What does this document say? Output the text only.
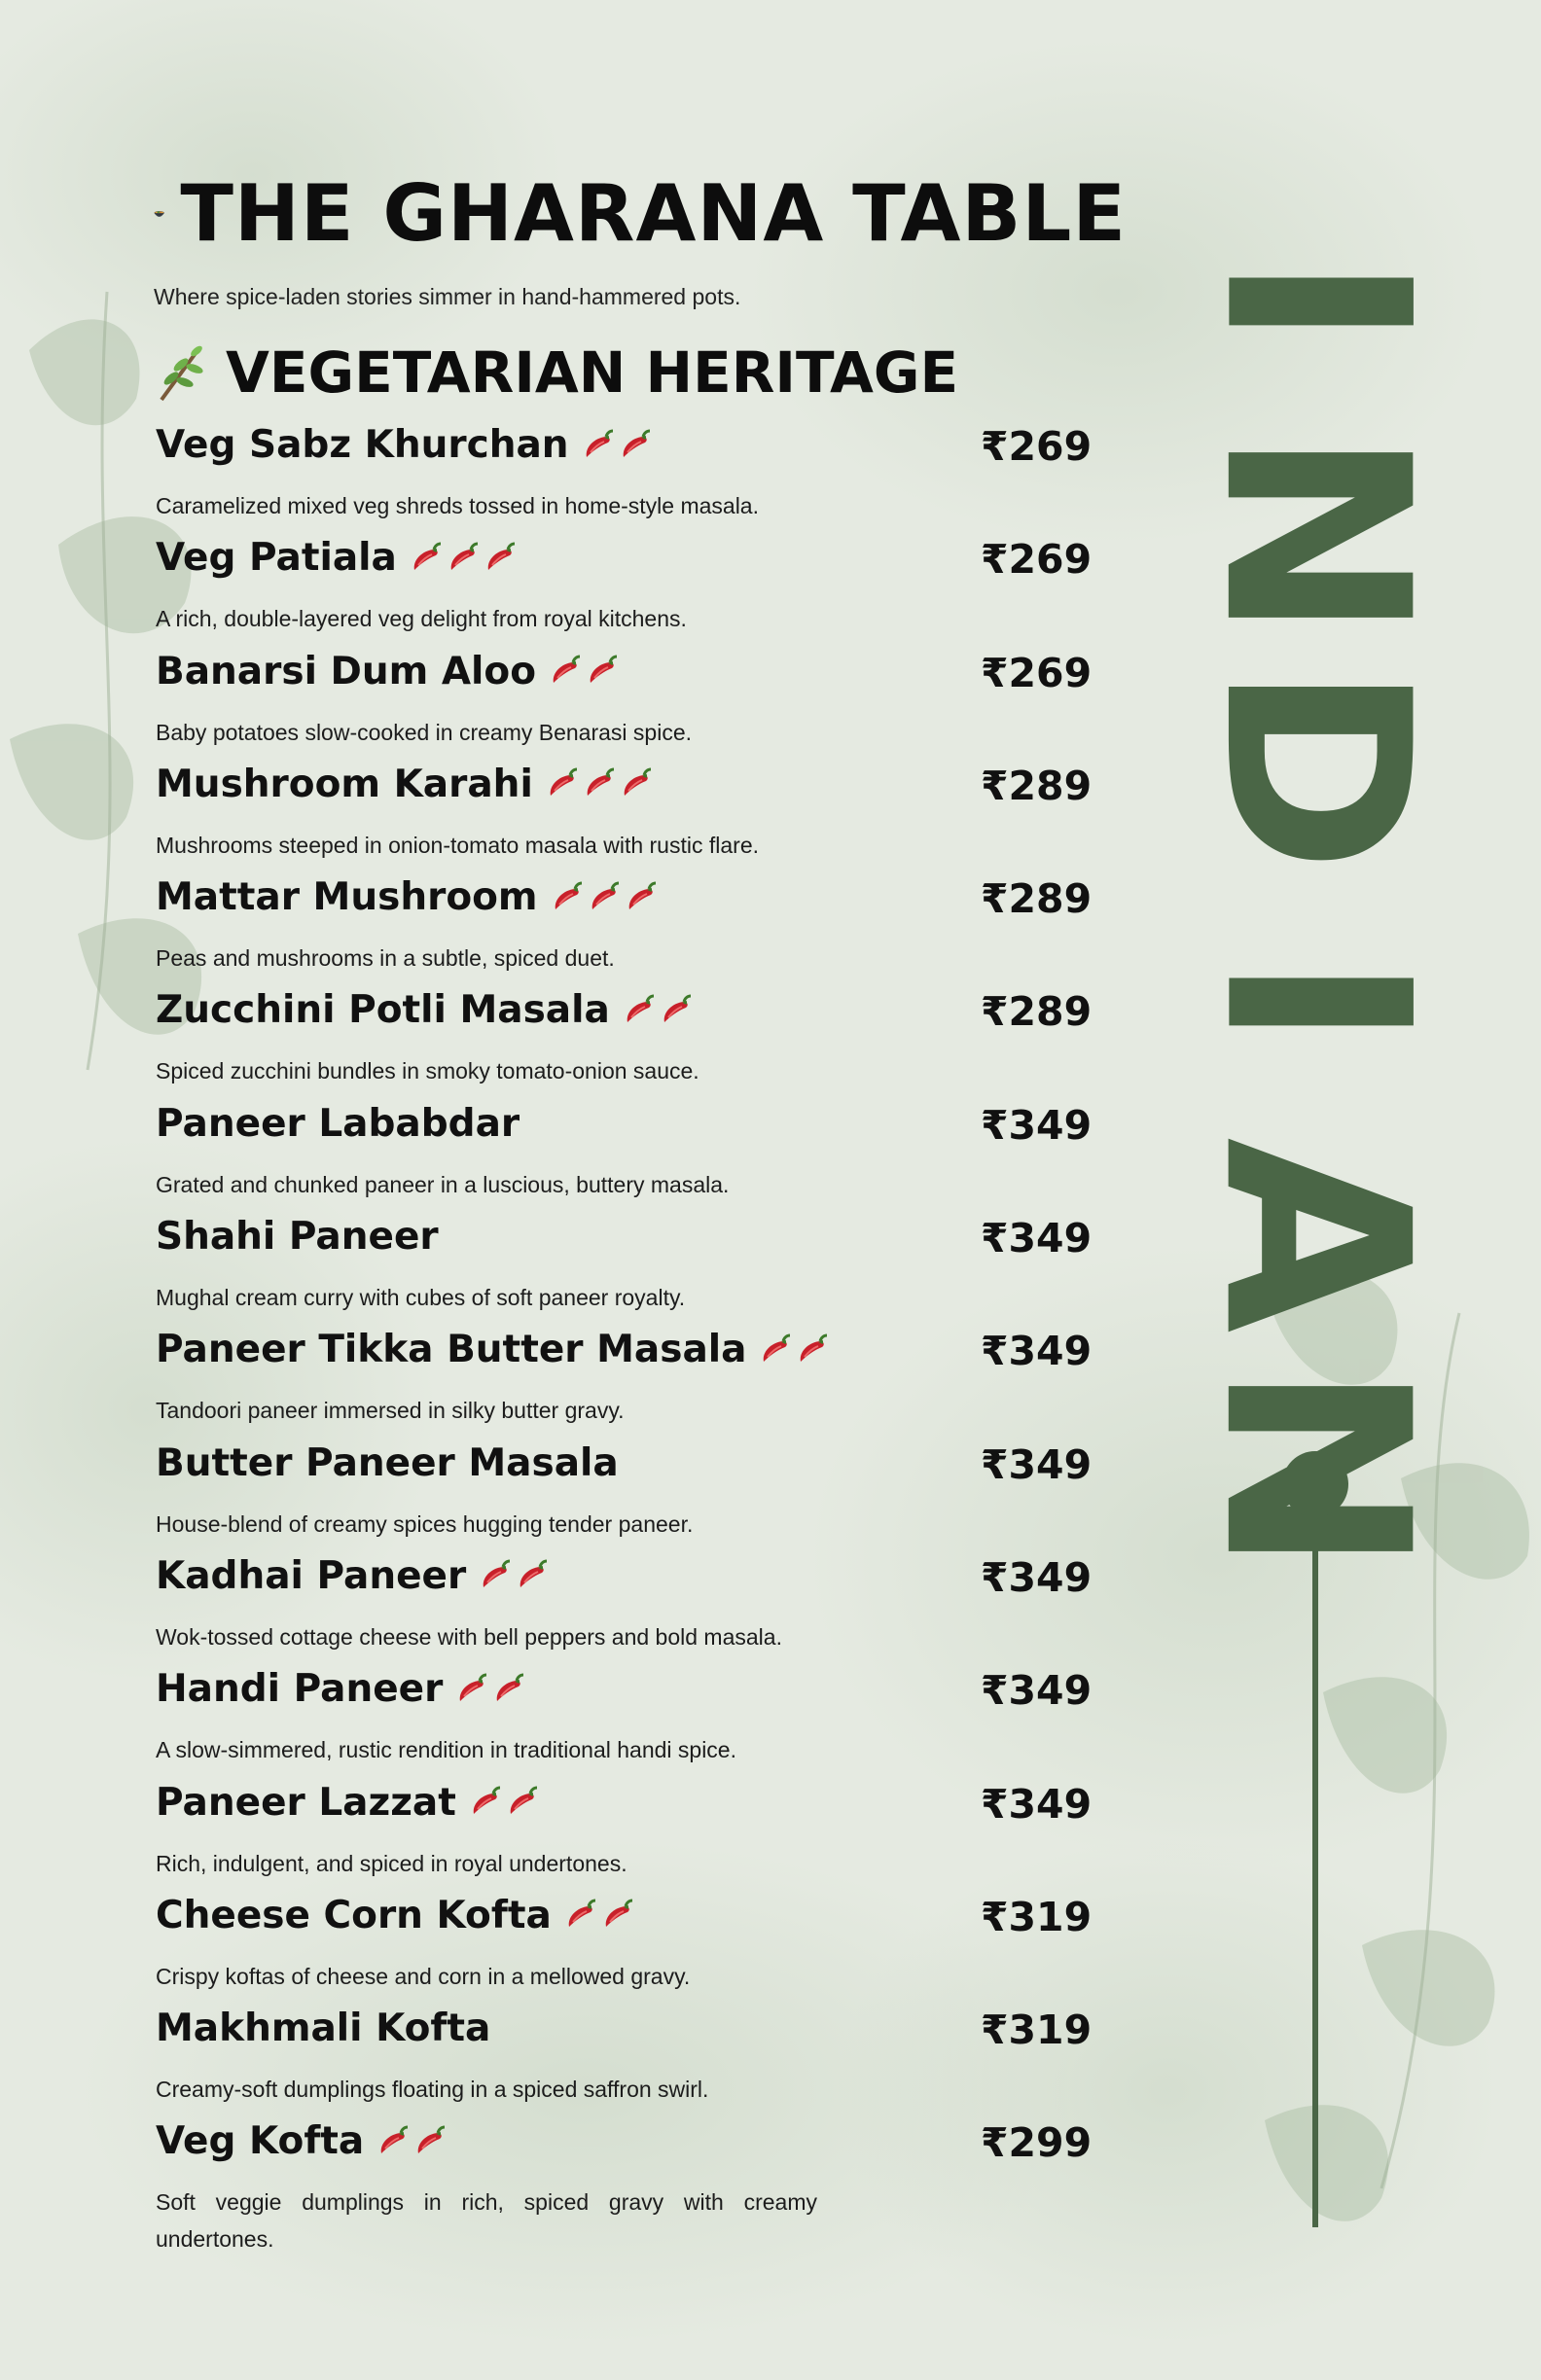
THE GHARANA TABLE
Where spice-laden stories simmer in hand-hammered pots.
VEGETARIAN HERITAGE
Veg Sabz Khurchan	₹269
Caramelized mixed veg shreds tossed in home-style masala.
Veg Patiala	₹269
A rich, double-layered veg delight from royal kitchens.
Banarsi Dum Aloo	₹269
Baby potatoes slow-cooked in creamy Benarasi spice.
Mushroom Karahi	₹289
Mushrooms steeped in onion-tomato masala with rustic flare.
Mattar Mushroom	₹289
Peas and mushrooms in a subtle, spiced duet.
Zucchini Potli Masala	₹289
Spiced zucchini bundles in smoky tomato-onion sauce.
Paneer Lababdar	₹349
Grated and chunked paneer in a luscious, buttery masala.
Shahi Paneer	₹349
Mughal cream curry with cubes of soft paneer royalty.
Paneer Tikka Butter Masala	₹349
Tandoori paneer immersed in silky butter gravy.
Butter Paneer Masala	₹349
House-blend of creamy spices hugging tender paneer.
Kadhai Paneer	₹349
Wok-tossed cottage cheese with bell peppers and bold masala.
Handi Paneer	₹349
A slow-simmered, rustic rendition in traditional handi spice.
Paneer Lazzat	₹349
Rich, indulgent, and spiced in royal undertones.
Cheese Corn Kofta	₹319
Crispy koftas of cheese and corn in a mellowed gravy.
Makhmali Kofta	₹319
Creamy-soft dumplings floating in a spiced saffron swirl.
Veg Kofta	₹299
Soft veggie dumplings in rich, spiced gravy with creamy undertones.
I
N
D
I
A
